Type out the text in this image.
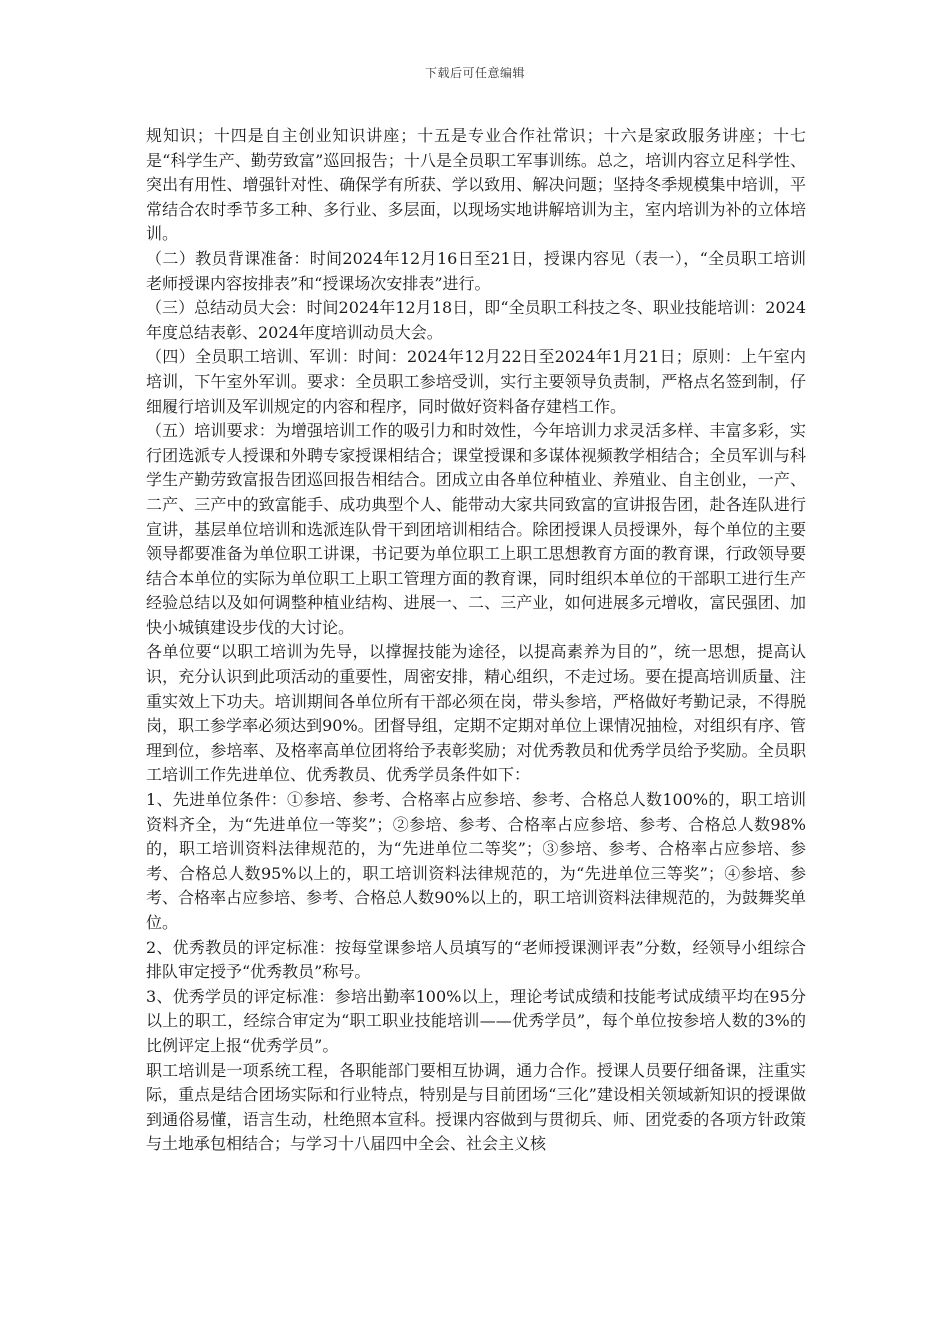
下载后可任意编辑

规知识；十四是自主创业知识讲座；十五是专业合作社常识；十六是家政服务讲座；十七是“科学生产、勤劳致富”巡回报告；十八是全员职工军事训练。总之，培训内容立足科学性、突出有用性、增强针对性、确保学有所获、学以致用、解决问题；坚持冬季规模集中培训，平常结合农时季节多工种、多行业、多层面，以现场实地讲解培训为主，室内培训为补的立体培训。

（二）教员背课准备：时间2024年12月16日至21日，授课内容见（表一），“全员职工培训老师授课内容按排表”和“授课场次安排表”进行。

（三）总结动员大会：时间2024年12月18日，即“全员职工科技之冬、职业技能培训：2024年度总结表彰、2024年度培训动员大会。

（四）全员职工培训、军训：时间：2024年12月22日至2024年1月21日；原则：上午室内培训，下午室外军训。要求：全员职工参培受训，实行主要领导负责制，严格点名签到制，仔细履行培训及军训规定的内容和程序，同时做好资料备存建档工作。

（五）培训要求：为增强培训工作的吸引力和时效性，今年培训力求灵活多样、丰富多彩，实行团选派专人授课和外聘专家授课相结合；课堂授课和多谋体视频教学相结合；全员军训与科学生产勤劳致富报告团巡回报告相结合。团成立由各单位种植业、养殖业、自主创业，一产、二产、三产中的致富能手、成功典型个人、能带动大家共同致富的宣讲报告团，赴各连队进行宣讲，基层单位培训和选派连队骨干到团培训相结合。除团授课人员授课外，每个单位的主要领导都要准备为单位职工讲课，书记要为单位职工上职工思想教育方面的教育课，行政领导要结合本单位的实际为单位职工上职工管理方面的教育课，同时组织本单位的干部职工进行生产经验总结以及如何调整种植业结构、进展一、二、三产业，如何进展多元增收，富民强团、加快小城镇建设步伐的大讨论。

各单位要“以职工培训为先导，以撑握技能为途径，以提高素养为目的”，统一思想，提高认识，充分认识到此项活动的重要性，周密安排，精心组织，不走过场。要在提高培训质量、注重实效上下功夫。培训期间各单位所有干部必须在岗，带头参培，严格做好考勤记录，不得脱岗，职工参学率必须达到90%。团督导组，定期不定期对单位上课情况抽检，对组织有序、管理到位，参培率、及格率高单位团将给予表彰奖励；对优秀教员和优秀学员给予奖励。全员职工培训工作先进单位、优秀教员、优秀学员条件如下：

1、先进单位条件：①参培、参考、合格率占应参培、参考、合格总人数100%的，职工培训资料齐全，为“先进单位一等奖”；②参培、参考、合格率占应参培、参考、合格总人数98%的，职工培训资料法律规范的，为“先进单位二等奖”；③参培、参考、合格率占应参培、参考、合格总人数95%以上的，职工培训资料法律规范的，为“先进单位三等奖”；④参培、参考、合格率占应参培、参考、合格总人数90%以上的，职工培训资料法律规范的，为鼓舞奖单位。

2、优秀教员的评定标准：按每堂课参培人员填写的“老师授课测评表”分数，经领导小组综合排队审定授予“优秀教员”称号。

3、优秀学员的评定标准：参培出勤率100%以上，理论考试成绩和技能考试成绩平均在95分以上的职工，经综合审定为“职工职业技能培训——优秀学员”，每个单位按参培人数的3%的比例评定上报“优秀学员”。

职工培训是一项系统工程，各职能部门要相互协调，通力合作。授课人员要仔细备课，注重实际，重点是结合团场实际和行业特点，特别是与目前团场“三化”建设相关领域新知识的授课做到通俗易懂，语言生动，杜绝照本宣科。授课内容做到与贯彻兵、师、团党委的各项方针政策与土地承包相结合；与学习十八届四中全会、社会主义核
